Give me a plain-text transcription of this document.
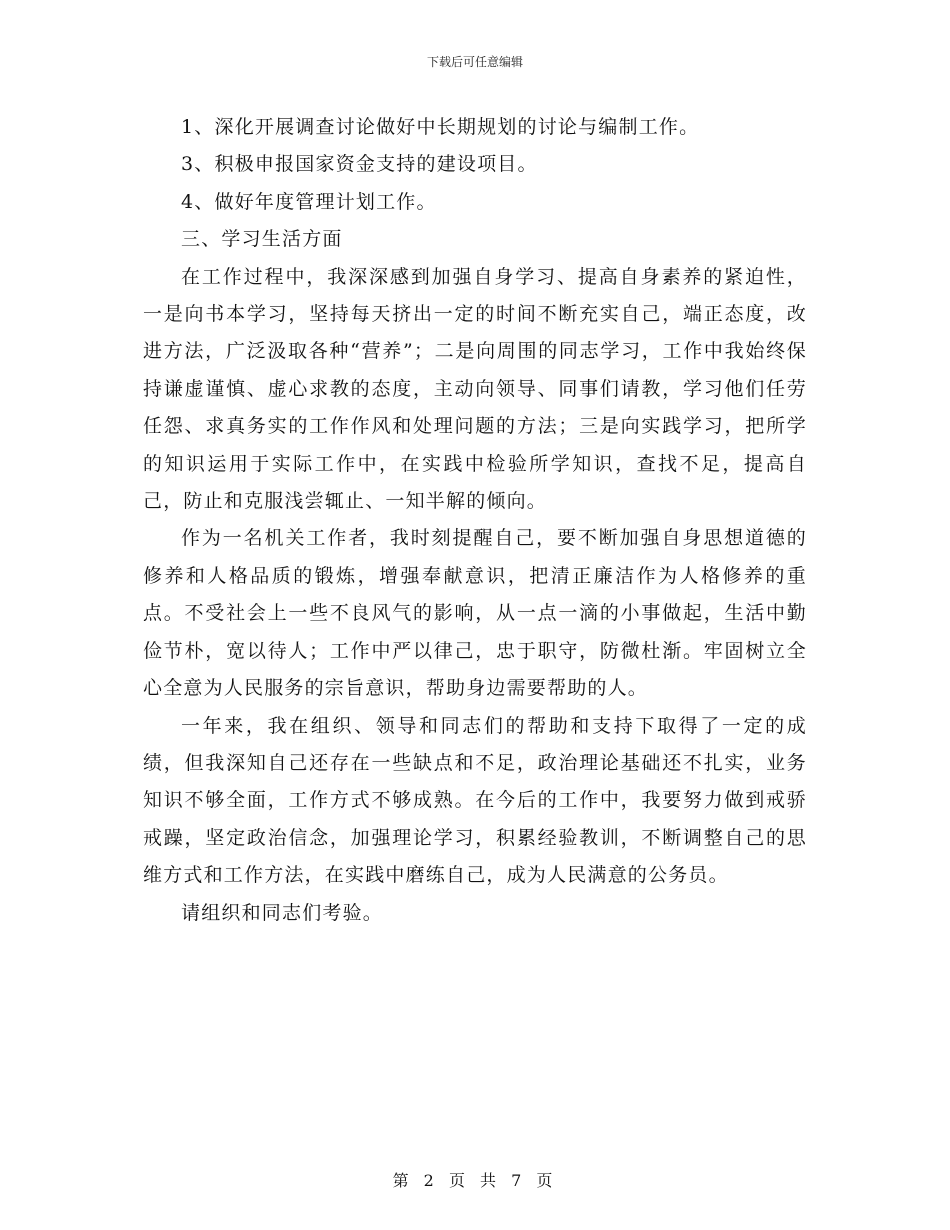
下载后可任意编辑

1、深化开展调查讨论做好中长期规划的讨论与编制工作。

3、积极申报国家资金支持的建设项目。

4、做好年度管理计划工作。

三、学习生活方面

在工作过程中，我深深感到加强自身学习、提高自身素养的紧迫性，一是向书本学习，坚持每天挤出一定的时间不断充实自己，端正态度，改进方法，广泛汲取各种“营养”；二是向周围的同志学习，工作中我始终保持谦虚谨慎、虚心求教的态度，主动向领导、同事们请教，学习他们任劳任怨、求真务实的工作作风和处理问题的方法；三是向实践学习，把所学的知识运用于实际工作中，在实践中检验所学知识，查找不足，提高自己，防止和克服浅尝辄止、一知半解的倾向。

作为一名机关工作者，我时刻提醒自己，要不断加强自身思想道德的修养和人格品质的锻炼，增强奉献意识，把清正廉洁作为人格修养的重点。不受社会上一些不良风气的影响，从一点一滴的小事做起，生活中勤俭节朴，宽以待人；工作中严以律己，忠于职守，防微杜渐。牢固树立全心全意为人民服务的宗旨意识，帮助身边需要帮助的人。

一年来，我在组织、领导和同志们的帮助和支持下取得了一定的成绩，但我深知自己还存在一些缺点和不足，政治理论基础还不扎实，业务知识不够全面，工作方式不够成熟。在今后的工作中，我要努力做到戒骄戒躁，坚定政治信念，加强理论学习，积累经验教训，不断调整自己的思维方式和工作方法，在实践中磨练自己，成为人民满意的公务员。

请组织和同志们考验。

第 2 页 共 7 页
